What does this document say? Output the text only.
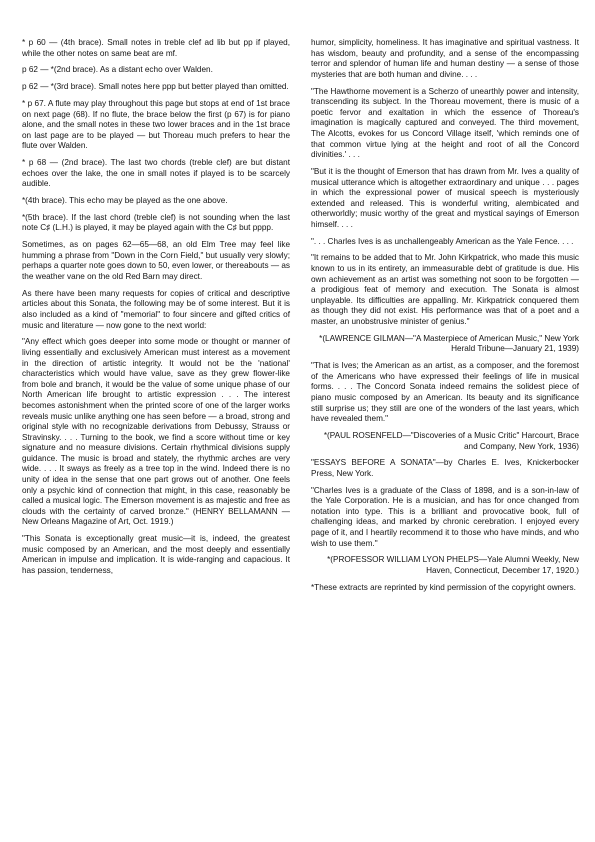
* p 60 — (4th brace). Small notes in treble clef ad lib but pp if played, while the other notes on same beat are mf.

p 62 — *(2nd brace). As a distant echo over Walden.

p 62 — *(3rd brace). Small notes here ppp but better played than omitted.

* p 67. A flute may play throughout this page but stops at end of 1st brace on next page (68). If no flute, the brace below the first (p 67) is for piano alone, and the small notes in these two lower braces and in the 1st brace on last page are to be played — but Thoreau much prefers to hear the flute over Walden.

* p 68 — (2nd brace). The last two chords (treble clef) are but distant echoes over the lake, the one in small notes if played is to be scarcely audible.

*(4th brace). This echo may be played as the one above.

*(5th brace). If the last chord (treble clef) is not sounding when the last note C♯ (L.H.) is played, it may be played again with the C♯ but pppp.

Sometimes, as on pages 62—65—68, an old Elm Tree may feel like humming a phrase from "Down in the Corn Field," but usually very slowly; perhaps a quarter note goes down to 50, even lower, or thereabouts — as the weather vane on the old Red Barn may direct.

As there have been many requests for copies of critical and descriptive articles about this Sonata, the following may be of some interest. But it is also included as a kind of "memorial" to four sincere and gifted critics of music and literature — now gone to the next world:

"Any effect which goes deeper into some mode or thought or manner of living essentially and exclusively American must interest as a movement in the direction of artistic integrity. It would not be the 'national' characteristics which would have value, save as they grew flower-like from bole and branch, it would be the value of some unique phase of our North American life brought to artistic expression . . . The interest becomes astonishment when the printed score of one of the larger works reveals music unlike anything one has seen before — a broad, strong and original style with no recognizable derivations from Debussy, Strauss or Stravinsky. . . . Turning to the book, we find a score without time or key signature and no measure divisions. Certain rhythmical divisions supply guidance. The music is broad and stately, the rhythmic arches are very wide. . . . It sways as freely as a tree top in the wind. Indeed there is no unity of idea in the sense that one part grows out of another. One feels only a psychic kind of connection that might, in this case, reasonably be called a musical logic. The Emerson movement is as majestic and free as clouds with the certainty of carved bronze." (HENRY BELLAMANN — New Orleans Magazine of Art, Oct. 1919.)

"This Sonata is exceptionally great music—it is, indeed, the greatest music composed by an American, and the most deeply and essentially American in impulse and implication. It is wide-ranging and capacious. It has passion, tenderness,

humor, simplicity, homeliness. It has imaginative and spiritual vastness. It has wisdom, beauty and profundity, and a sense of the encompassing terror and splendor of human life and human destiny — a sense of those mysteries that are both human and divine. . . .

"The Hawthorne movement is a Scherzo of unearthly power and intensity, transcending its subject. In the Thoreau movement, there is music of a poetic fervor and exaltation in which the essence of Thoreau's imagination is magically captured and conveyed. The third movement, The Alcotts, evokes for us Concord Village itself, 'which reminds one of that common virtue lying at the height and root of all the Concord divinities.' . . .

"But it is the thought of Emerson that has drawn from Mr. Ives a quality of musical utterance which is altogether extraordinary and unique . . . pages in which the expressional power of musical speech is mysteriously extended and released. This is wonderful writing, alembicated and otherworldly; music worthy of the great and mystical sayings of Emerson himself. . . .

". . . Charles Ives is as unchallengeably American as the Yale Fence. . . .

"It remains to be added that to Mr. John Kirkpatrick, who made this music known to us in its entirety, an immeasurable debt of gratitude is due. His own achievement as an artist was something not soon to be forgotten — a prodigious feat of memory and execution. The Sonata is almost unplayable. Its difficulties are appalling. Mr. Kirkpatrick conquered them as though they did not exist. His performance was that of a poet and a master, an unobstrusive minister of genius."

*(LAWRENCE GILMAN—"A Masterpiece of American Music," New York Herald Tribune—January 21, 1939)

"That is Ives; the American as an artist, as a composer, and the foremost of the Americans who have expressed their feelings of life in musical forms. . . . The Concord Sonata indeed remains the solidest piece of piano music composed by an American. Its beauty and its significance still surprise us; they still are one of the wonders of the last years, which have revealed them."

*(PAUL ROSENFELD—"Discoveries of a Music Critic" Harcourt, Brace and Company, New York, 1936)

"ESSAYS BEFORE A SONATA"—by Charles E. Ives, Knickerbocker Press, New York.

"Charles Ives is a graduate of the Class of 1898, and is a son-in-law of the Yale Corporation. He is a musician, and has for once changed from notation into type. This is a brilliant and provocative book, full of challenging ideas, and marked by chronic cerebration. I enjoyed every page of it, and I heartily recommend it to those who have minds, and who wish to use them."

*(PROFESSOR WILLIAM LYON PHELPS—Yale Alumni Weekly, New Haven, Connecticut, December 17, 1920.)

*These extracts are reprinted by kind permission of the copyright owners.
